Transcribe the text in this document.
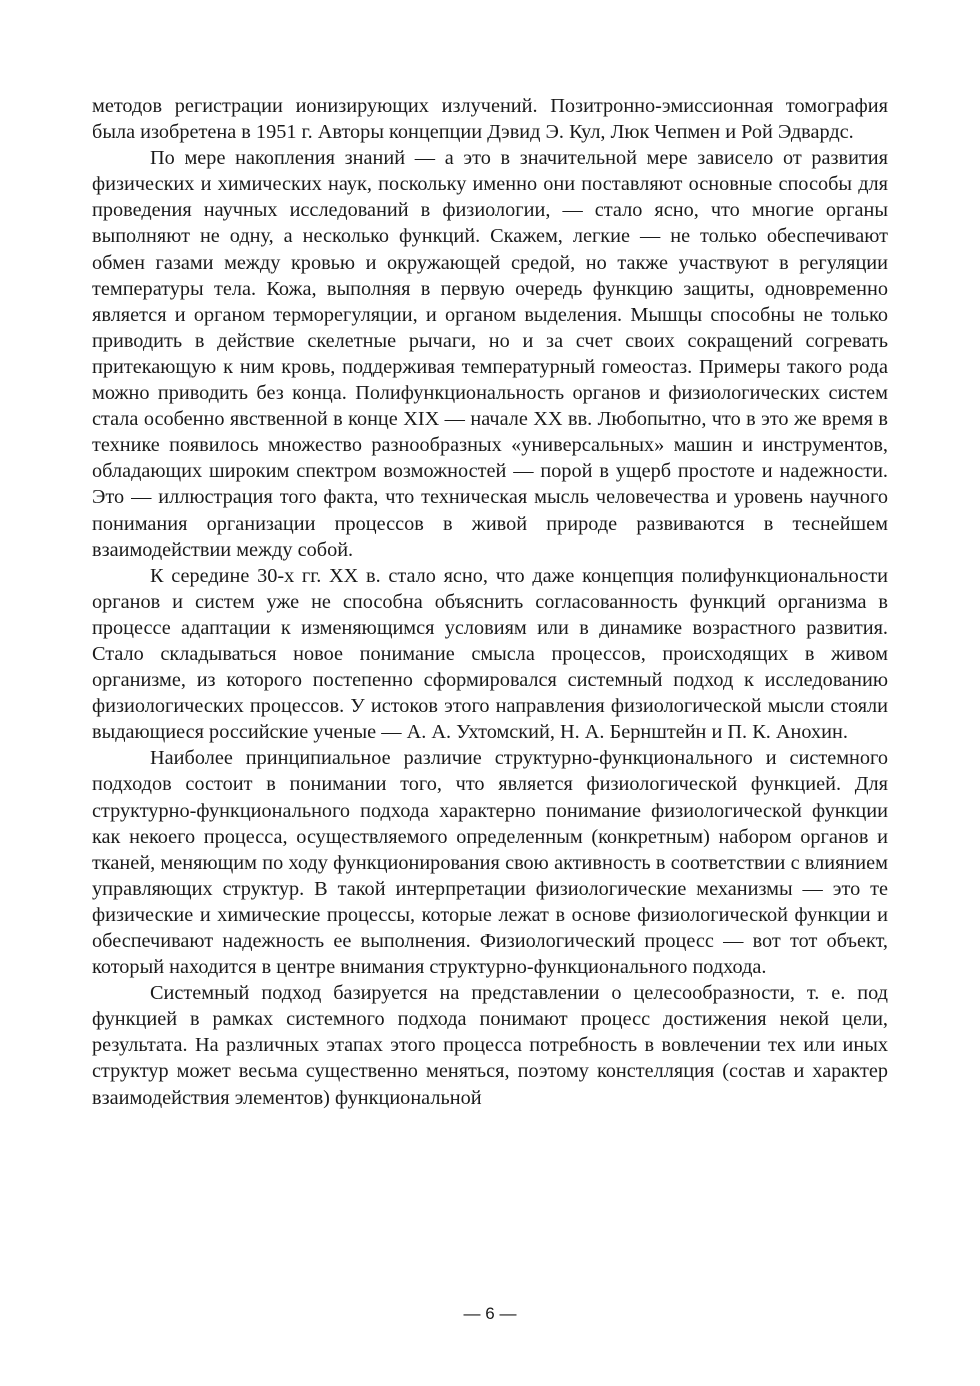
методов регистрации ионизирующих излучений. Позитронно-эмиссионная томография была изобретена в 1951 г. Авторы концепции Дэвид Э. Кул, Люк Чепмен и Рой Эдвардс.

По мере накопления знаний — а это в значительной мере зависело от развития физических и химических наук, поскольку именно они поставляют основные способы для проведения научных исследований в физиологии, — стало ясно, что многие органы выполняют не одну, а несколько функций. Скажем, легкие — не только обеспечивают обмен газами между кровью и окружающей средой, но также участвуют в регуляции температуры тела. Кожа, выполняя в первую очередь функцию защиты, одновременно является и органом терморегуляции, и органом выделения. Мышцы способны не только приводить в действие скелетные рычаги, но и за счет своих сокращений согревать притекающую к ним кровь, поддерживая температурный гомеостаз. Примеры такого рода можно приводить без конца. Полифункциональность органов и физиологических систем стала особенно явственной в конце XIX — начале XX вв. Любопытно, что в это же время в технике появилось множество разнообразных «универсальных» машин и инструментов, обладающих широким спектром возможностей — порой в ущерб простоте и надежности. Это — иллюстрация того факта, что техническая мысль человечества и уровень научного понимания организации процессов в живой природе развиваются в теснейшем взаимодействии между собой.

К середине 30-х гг. XX в. стало ясно, что даже концепция полифункциональности органов и систем уже не способна объяснить согласованность функций организма в процессе адаптации к изменяющимся условиям или в динамике возрастного развития. Стало складываться новое понимание смысла процессов, происходящих в живом организме, из которого постепенно сформировался системный подход к исследованию физиологических процессов. У истоков этого направления физиологической мысли стояли выдающиеся российские ученые — А. А. Ухтомский, Н. А. Бернштейн и П. К. Анохин.

Наиболее принципиальное различие структурно-функционального и системного подходов состоит в понимании того, что является физиологической функцией. Для структурно-функционального подхода характерно понимание физиологической функции как некоего процесса, осуществляемого определенным (конкретным) набором органов и тканей, меняющим по ходу функционирования свою активность в соответствии с влиянием управляющих структур. В такой интерпретации физиологические механизмы — это те физические и химические процессы, которые лежат в основе физиологической функции и обеспечивают надежность ее выполнения. Физиологический процесс — вот тот объект, который находится в центре внимания структурно-функционального подхода.

Системный подход базируется на представлении о целесообразности, т. е. под функцией в рамках системного подхода понимают процесс достижения некой цели, результата. На различных этапах этого процесса потребность в вовлечении тех или иных структур может весьма существенно меняться, поэтому констелляция (состав и характер взаимодействия элементов) функциональной

— 6 —
